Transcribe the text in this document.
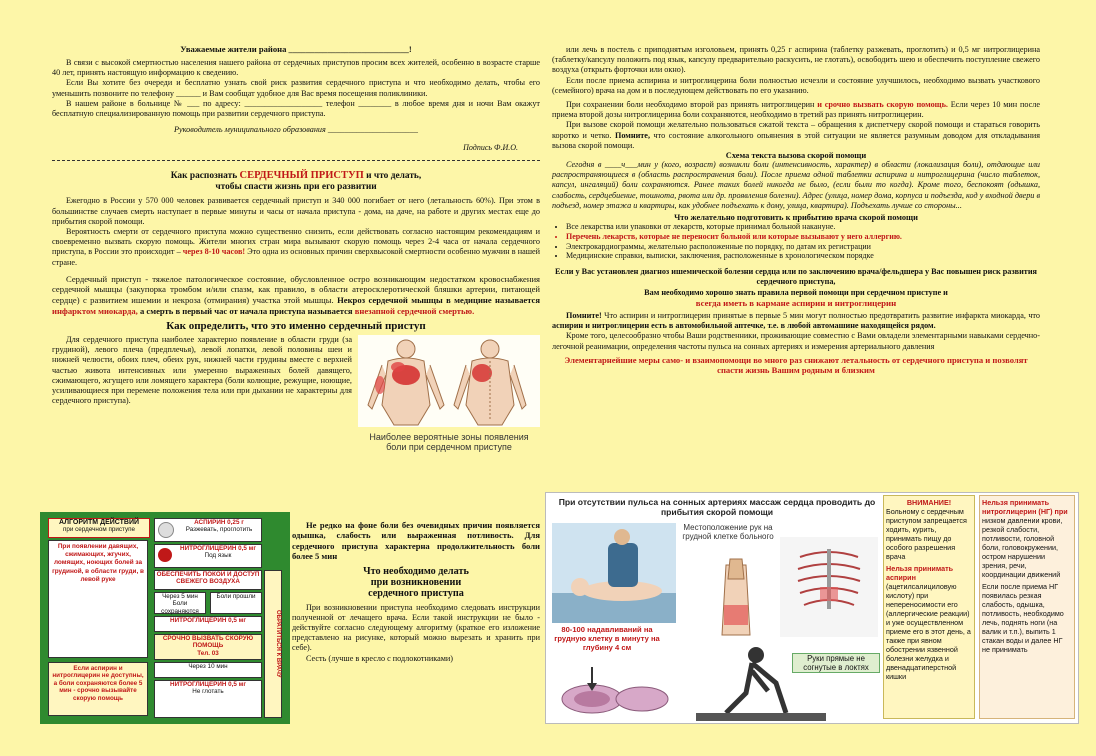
Уважаемые жители района ____________________________!

В связи с высокой смертностью населения нашего района от сердечных приступов просим всех жителей, особенно в возрасте старше 40 лет, принять настоящую информацию к сведению.

Если Вы хотите без очереди и бесплатно узнать свой риск развития сердечного приступа и что необходимо делать, чтобы его уменьшить позвоните по телефону ______ и Вам сообщат удобное для Вас время посещения поликлиники.

В нашем районе в больнице № ___ по адресу: ___________________ телефон ________ в любое время дня и ночи Вам окажут бесплатную специализированную помощь при развитии сердечного приступа.

Руководитель муниципального образования ______________________

Подпись Ф.И.О.

Как распознать СЕРДЕЧНЫЙ ПРИСТУП и что делать,
чтобы спасти жизнь при его развитии

Ежегодно в России у 570 000 человек развивается сердечный приступ и 340 000 погибает от него (летальность 60%). При этом в большинстве случаев смерть наступает в первые минуты и часы от начала приступа - дома, на даче, на работе и других местах еще до прибытия скорой помощи.

Вероятность смерти от сердечного приступа можно существенно снизить, если действовать согласно настоящим рекомендациям и своевременно вызвать скорую помощь. Жители многих стран мира вызывают скорую помощь через 2-4 часа от начала сердечного приступа, в России это происходит – через 8-10 часов! Это одна из основных причин сверхвысокой смертности особенно мужчин в нашей стране.

Сердечный приступ - тяжелое патологическое состояние, обусловленное остро возникающим недостатком кровоснабжения сердечной мышцы (закупорка тромбом и/или спазм, как правило, в области атеросклеротической бляшки артерии, питающей сердце) с развитием ишемии и некроза (отмирания) участка этой мышцы. Некроз сердечной мышцы в медицине называется инфарктом миокарда, а смерть в первый час от начала приступа называется внезапной сердечной смертью.

Как определить, что это именно сердечный приступ

Для сердечного приступа наиболее характерно появление в области груди (за грудиной), левого плеча (предплечья), левой лопатки, левой половины шеи и нижней челюсти, обоих плеч, обеих рук, нижней части грудины вместе с верхней частью живота интенсивных или умеренно выраженных болей давящего, сжимающего, жгущего или ломящего характера (боли колющие, режущие, ноющие, усиливающиеся при перемене положения тела или при дыхании не характерны для сердечного приступа).

Наиболее вероятные зоны появления
боли при сердечном приступе
АЛГОРИТМ ДЕЙСТВИЙ
при сердечном приступе
При появлении давящих, сжимающих, жгучих, ломящих, ноющих болей за грудиной, в области груди, в левой руке
Если аспирин и нитроглицерин не доступны, а боли сохраняются более 5 мин - срочно вызывайте скорую помощь
АСПИРИН 0,25 г
Разжевать, проглотить
НИТРОГЛИЦЕРИН 0,5 мг
Под язык
ОБЕСПЕЧИТЬ ПОКОЙ И ДОСТУП СВЕЖЕГО ВОЗДУХА
Через 5 мин
Боли сохраняются
Боли прошли
НИТРОГЛИЦЕРИН 0,5 мг
СРОЧНО ВЫЗВАТЬ СКОРУЮ ПОМОЩЬ
Тел. 03
Через 10 мин
НИТРОГЛИЦЕРИН 0,5 мг
Не глотать
ОБРАТИТЬСЯ К ВРАЧУ

Не редко на фоне боли без очевидных причин появляется одышка, слабость или выраженная потливость. Для сердечного приступа характерна продолжительность боли более 5 мин

Что необходимо делать
при возникновении
сердечного приступа

При возникновении приступа необходимо следовать инструкции полученной от лечащего врача. Если такой инструкции не было - действуйте согласно следующему алгоритму (краткое его изложение представлено на рисунке, который можно вырезать и хранить при себе).

Сесть (лучше в кресло с подлокотниками)

или лечь в постель с приподнятым изголовьем, принять 0,25 г аспирина (таблетку разжевать, проглотить) и 0,5 мг нитроглицерина (таблетку/капсулу положить под язык, капсулу предварительно раскусить, не глотать), освободить шею и обеспечить поступление свежего воздуха (открыть форточки или окно).

Если после приема аспирина и нитроглицерина боли полностью исчезли и состояние улучшилось, необходимо вызвать участкового (семейного) врача на дом и в последующем действовать по его указанию.

При сохранении боли необходимо второй раз принять нитроглицерин и срочно вызвать скорую помощь. Если через 10 мин после приема второй дозы нитроглицерина боли сохраняются, необходимо в третий раз принять нитроглицерин.

При вызове скорой помощи желательно пользоваться сжатой текста – обращения к диспетчеру скорой помощи и стараться говорить коротко и четко. Помните, что состояние алкогольного опьянения в этой ситуации не является разумным доводом для откладывания вызова скорой помощи.

Схема текста вызова скорой помощи

Сегодня в ____ч___мин у (кого, возраст) возникли боли (интенсивность, характер) в области (локализация боли), отдающие или распространяющиеся в (область распространения боли). После приема одной таблетки аспирина и нитроглицерина (число таблеток, капсул, ингаляций) боли сохраняются. Ранее таких болей никогда не было, (если были то когда). Кроме того, беспокоят (одышка, слабость, сердцебиение, тошнота, рвота или др. проявления болезни). Адрес (улица, номер дома, корпуса и подъезда, код у входной двери в подъезд, номер этажа и квартиры, как удобнее подъехать к дому, улица, квартира). Подъехать лучше со стороны...

Что желательно подготовить к прибытию врача скорой помощи
• Все лекарства или упаковки от лекарств, которые принимал больной накануне.
• Перечень лекарств, которые не переносит больной или которые вызывают у него аллергию.
• Электрокардиограммы, желательно расположенные по порядку, по датам их регистрации
• Медицинские справки, выписки, заключения, расположенные в хронологическом порядке

Если у Вас установлен диагноз ишемической болезни сердца или по заключению врача/фельдшера у Вас повышен риск развития сердечного приступа,

Вам необходимо хорошо знать правила первой помощи при сердечном приступе и

всегда иметь в кармане аспирин и нитроглицерин

Помните! Что аспирин и нитроглицерин принятые в первые 5 мин могут полностью предотвратить развитие инфаркта миокарда, что аспирин и нитроглицерин есть в автомобильной аптечке, т.е. в любой автомашине находящейся рядом.

Кроме того, целесообразно чтобы Ваши родственники, проживающие совместно с Вами овладели элементарными навыками сердечно-легочной реанимации, определения частоты пульса на сонных артериях и измерения артериального давления

Элементарнейшие меры само- и взаимопомощи во много раз снижают летальность от сердечного приступа и позволят спасти жизнь Вашим родным и близким

При отсутствии пульса на сонных артериях массаж сердца проводить до прибытия скорой помощи
Местоположение рук на грудной клетке больного
80-100 надавливаний на грудную клетку в минуту на глубину 4 см
Руки прямые не согнутые в локтях
ВНИМАНИЕ!
Больному с сердечным приступом запрещается ходить, курить, принимать пищу до особого разрешения врача
Нельзя принимать аспирин
(ацетилсалициловую кислоту) при непереносимости его (аллергические реакции) и уже осуществленном приеме его в этот день, а также при явном обострении язвенной болезни желудка и двенадцатиперстной кишки
Нельзя принимать нитроглицерин (НГ) при
низком давлении крови, резкой слабости, потливости, головной боли, головокружении, остром нарушении зрения, речи, координации движений
Если после приема НГ появилась резкая слабость, одышка, потливость, необходимо лечь, поднять ноги (на валик и т.п.), выпить 1 стакан воды и далее НГ не принимать
